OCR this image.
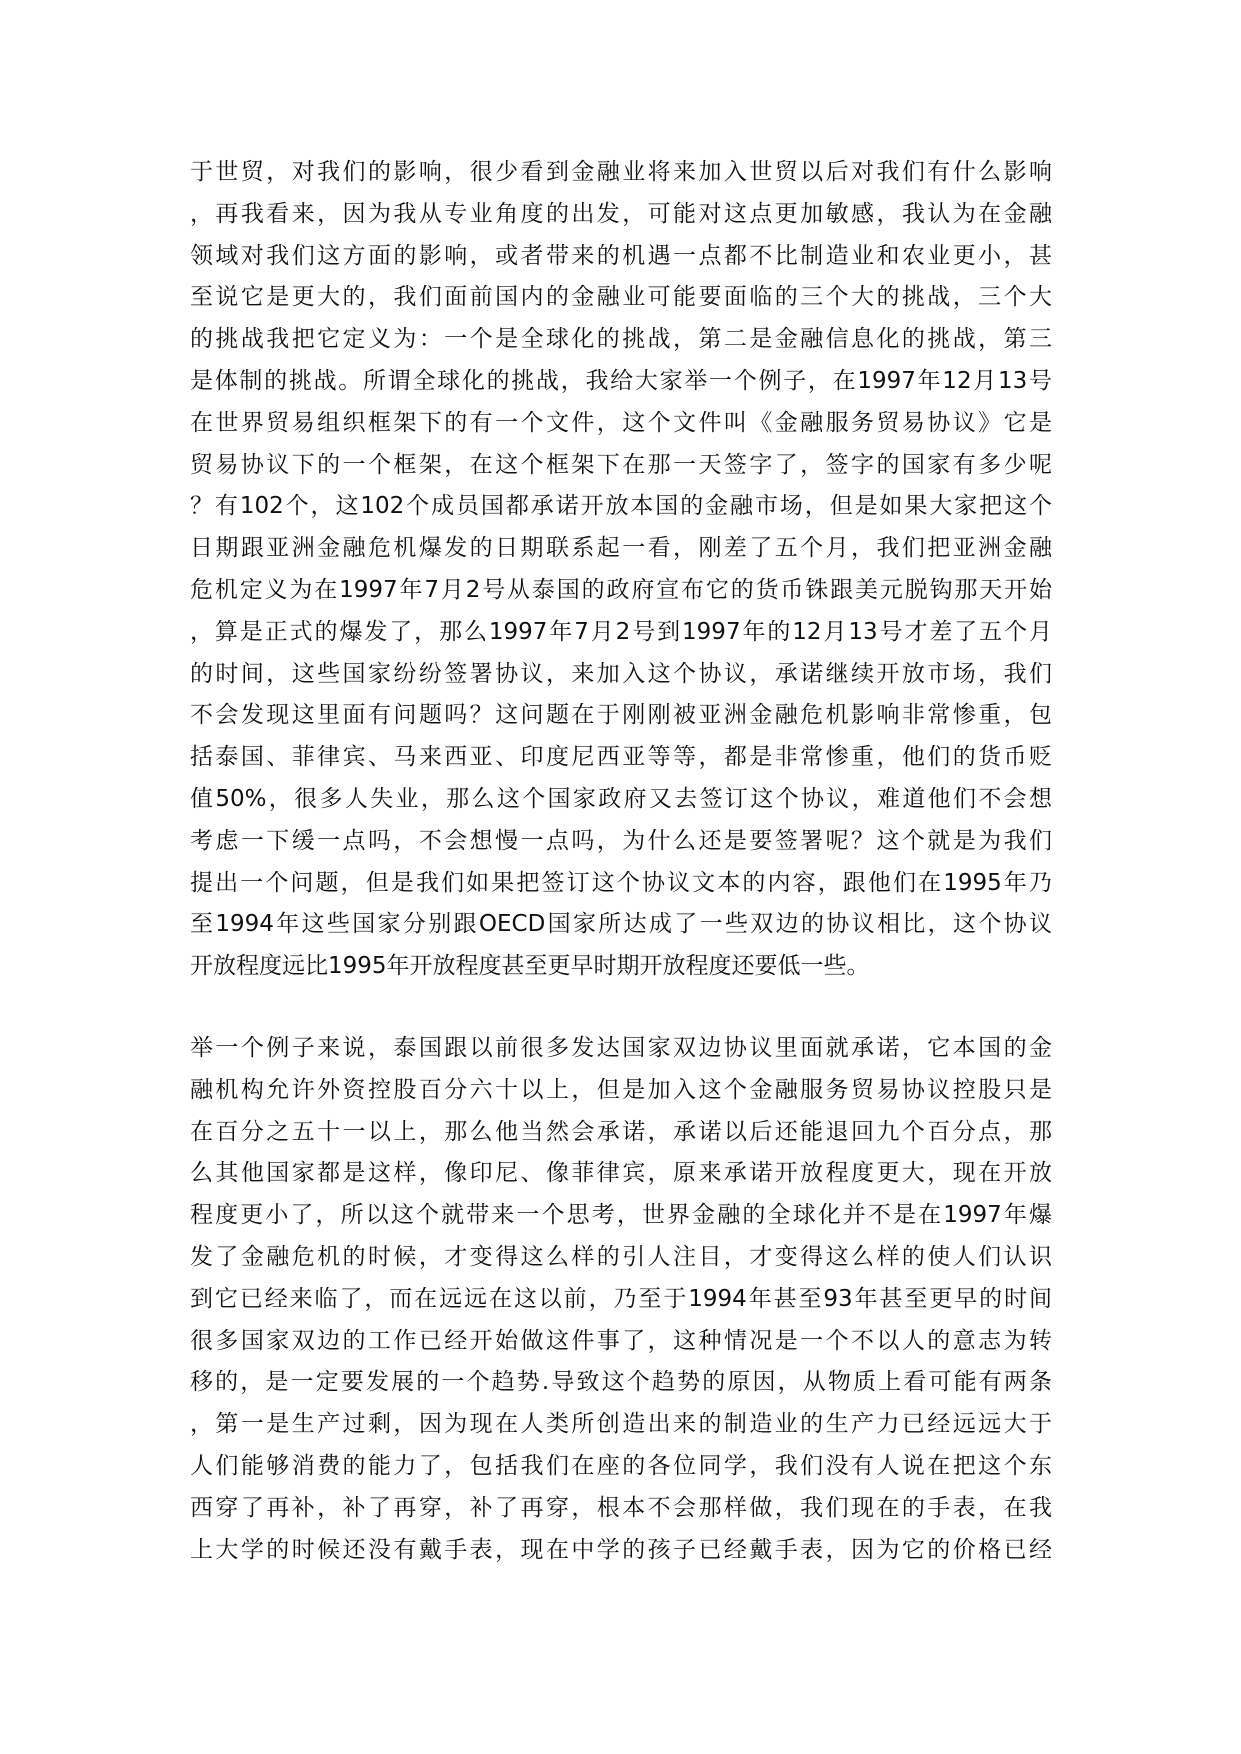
于世贸，对我们的影响，很少看到金融业将来加入世贸以后对我们有什么影响
，再我看来，因为我从专业角度的出发，可能对这点更加敏感，我认为在金融
领域对我们这方面的影响，或者带来的机遇一点都不比制造业和农业更小，甚
至说它是更大的，我们面前国内的金融业可能要面临的三个大的挑战，三个大
的挑战我把它定义为：一个是全球化的挑战，第二是金融信息化的挑战，第三
是体制的挑战。所谓全球化的挑战，我给大家举一个例子，在1997年12月13号
在世界贸易组织框架下的有一个文件，这个文件叫《金融服务贸易协议》它是
贸易协议下的一个框架，在这个框架下在那一天签字了，签字的国家有多少呢
？有102个，这102个成员国都承诺开放本国的金融市场，但是如果大家把这个
日期跟亚洲金融危机爆发的日期联系起一看，刚差了五个月，我们把亚洲金融
危机定义为在1997年7月2号从泰国的政府宣布它的货币铢跟美元脱钩那天开始
，算是正式的爆发了，那么1997年7月2号到1997年的12月13号才差了五个月
的时间，这些国家纷纷签署协议，来加入这个协议，承诺继续开放市场，我们
不会发现这里面有问题吗？这问题在于刚刚被亚洲金融危机影响非常惨重，包
括泰国、菲律宾、马来西亚、印度尼西亚等等，都是非常惨重，他们的货币贬
值50%，很多人失业，那么这个国家政府又去签订这个协议，难道他们不会想
考虑一下缓一点吗，不会想慢一点吗，为什么还是要签署呢？这个就是为我们
提出一个问题，但是我们如果把签订这个协议文本的内容，跟他们在1995年乃
至1994年这些国家分别跟OECD国家所达成了一些双边的协议相比，这个协议
开放程度远比1995年开放程度甚至更早时期开放程度还要低一些。
举一个例子来说，泰国跟以前很多发达国家双边协议里面就承诺，它本国的金
融机构允许外资控股百分六十以上，但是加入这个金融服务贸易协议控股只是
在百分之五十一以上，那么他当然会承诺，承诺以后还能退回九个百分点，那
么其他国家都是这样，像印尼、像菲律宾，原来承诺开放程度更大，现在开放
程度更小了，所以这个就带来一个思考，世界金融的全球化并不是在1997年爆
发了金融危机的时候，才变得这么样的引人注目，才变得这么样的使人们认识
到它已经来临了，而在远远在这以前，乃至于1994年甚至93年甚至更早的时间
很多国家双边的工作已经开始做这件事了，这种情况是一个不以人的意志为转
移的，是一定要发展的一个趋势.导致这个趋势的原因，从物质上看可能有两条
，第一是生产过剩，因为现在人类所创造出来的制造业的生产力已经远远大于
人们能够消费的能力了，包括我们在座的各位同学，我们没有人说在把这个东
西穿了再补，补了再穿，补了再穿，根本不会那样做，我们现在的手表，在我
上大学的时候还没有戴手表，现在中学的孩子已经戴手表，因为它的价格已经
